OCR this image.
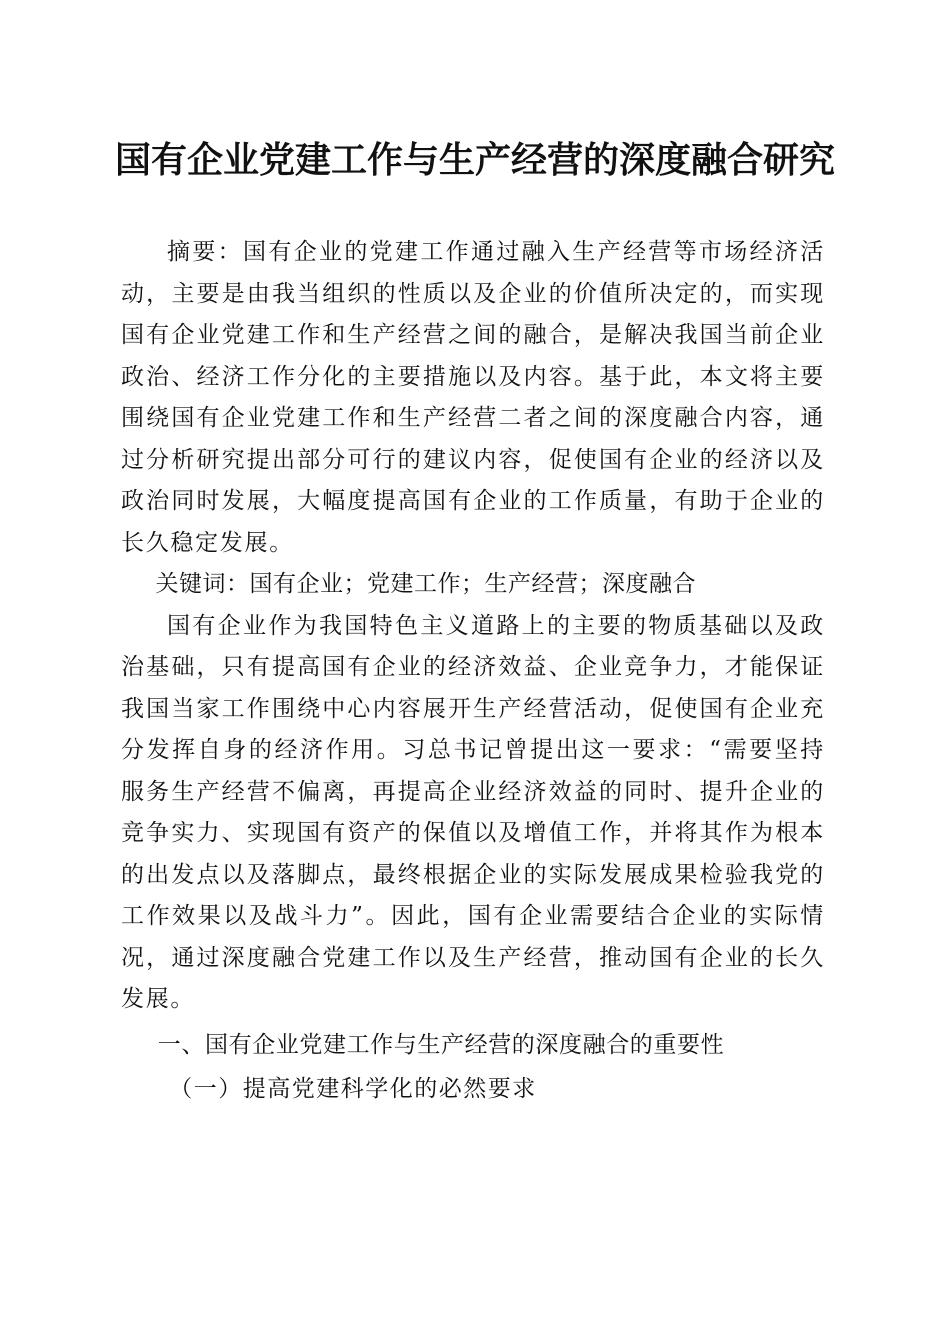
国有企业党建工作与生产经营的深度融合研究

摘要：国有企业的党建工作通过融入生产经营等市场经济活动，主要是由我当组织的性质以及企业的价值所决定的，而实现国有企业党建工作和生产经营之间的融合，是解决我国当前企业政治、经济工作分化的主要措施以及内容。基于此，本文将主要围绕国有企业党建工作和生产经营二者之间的深度融合内容，通过分析研究提出部分可行的建议内容，促使国有企业的经济以及政治同时发展，大幅度提高国有企业的工作质量，有助于企业的长久稳定发展。

关键词：国有企业；党建工作；生产经营；深度融合

国有企业作为我国特色主义道路上的主要的物质基础以及政治基础，只有提高国有企业的经济效益、企业竞争力，才能保证我国当家工作围绕中心内容展开生产经营活动，促使国有企业充分发挥自身的经济作用。习总书记曾提出这一要求：“需要坚持服务生产经营不偏离，再提高企业经济效益的同时、提升企业的竞争实力、实现国有资产的保值以及增值工作，并将其作为根本的出发点以及落脚点，最终根据企业的实际发展成果检验我党的工作效果以及战斗力”。因此，国有企业需要结合企业的实际情况，通过深度融合党建工作以及生产经营，推动国有企业的长久发展。

一、国有企业党建工作与生产经营的深度融合的重要性

（一）提高党建科学化的必然要求
